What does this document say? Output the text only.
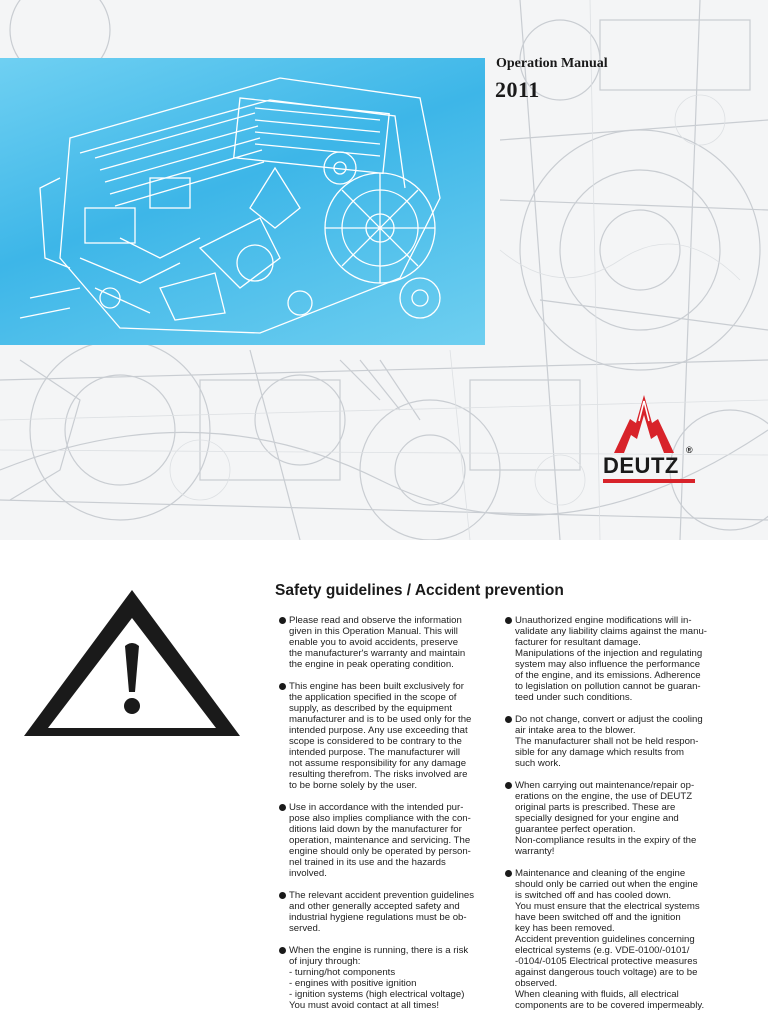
Operation Manual

2011

DEUTZ
®
Safety guidelines / Accident prevention
Please read and observe the information
given in this Operation Manual. This will
enable you to avoid accidents, preserve
the manufacturer's warranty and maintain
the engine in peak operating condition.
This engine has been built exclusively for
the application specified in the scope of
supply, as described by the equipment
manufacturer and is to be used only for the
intended purpose. Any use exceeding that
scope is considered to be contrary to the
intended purpose. The manufacturer will
not assume responsibility for any damage
resulting therefrom. The risks involved are
to be borne solely by the user.
Use in accordance with the intended pur-
pose also implies compliance with the con-
ditions laid down by the manufacturer for
operation, maintenance and servicing. The
engine should only be operated by person-
nel trained in its use and the hazards
involved.
The relevant accident prevention guidelines
and other generally accepted safety and
industrial hygiene regulations must be ob-
served.
When the engine is running, there is a risk
of injury through:
- turning/hot components
- engines with positive ignition
- ignition systems (high electrical voltage)
You must avoid contact at all times!
Unauthorized engine modifications will in-
validate any liability claims against the manu-
facturer for resultant damage.
Manipulations of the injection and regulating
system may also influence the performance
of the engine, and its emissions. Adherence
to legislation on pollution cannot be guaran-
teed under such conditions.
Do not change, convert or adjust the cooling
air intake area to the blower.
The manufacturer shall not be held respon-
sible for any damage which results from
such work.
When carrying out maintenance/repair op-
erations on the engine, the use of DEUTZ
original parts is prescribed. These are
specially designed for your engine and
guarantee perfect operation.
Non-compliance results in the expiry of the
warranty!
Maintenance and cleaning of the engine
should only be carried out when the engine
is switched off and has cooled down.
You must ensure that the electrical systems
have been switched off and the ignition
key has been removed.
Accident prevention guidelines concerning
electrical systems (e.g. VDE-0100/-0101/
-0104/-0105 Electrical protective measures
against dangerous touch voltage) are to be
observed.
When cleaning with fluids, all electrical
components are to be covered impermeably.
